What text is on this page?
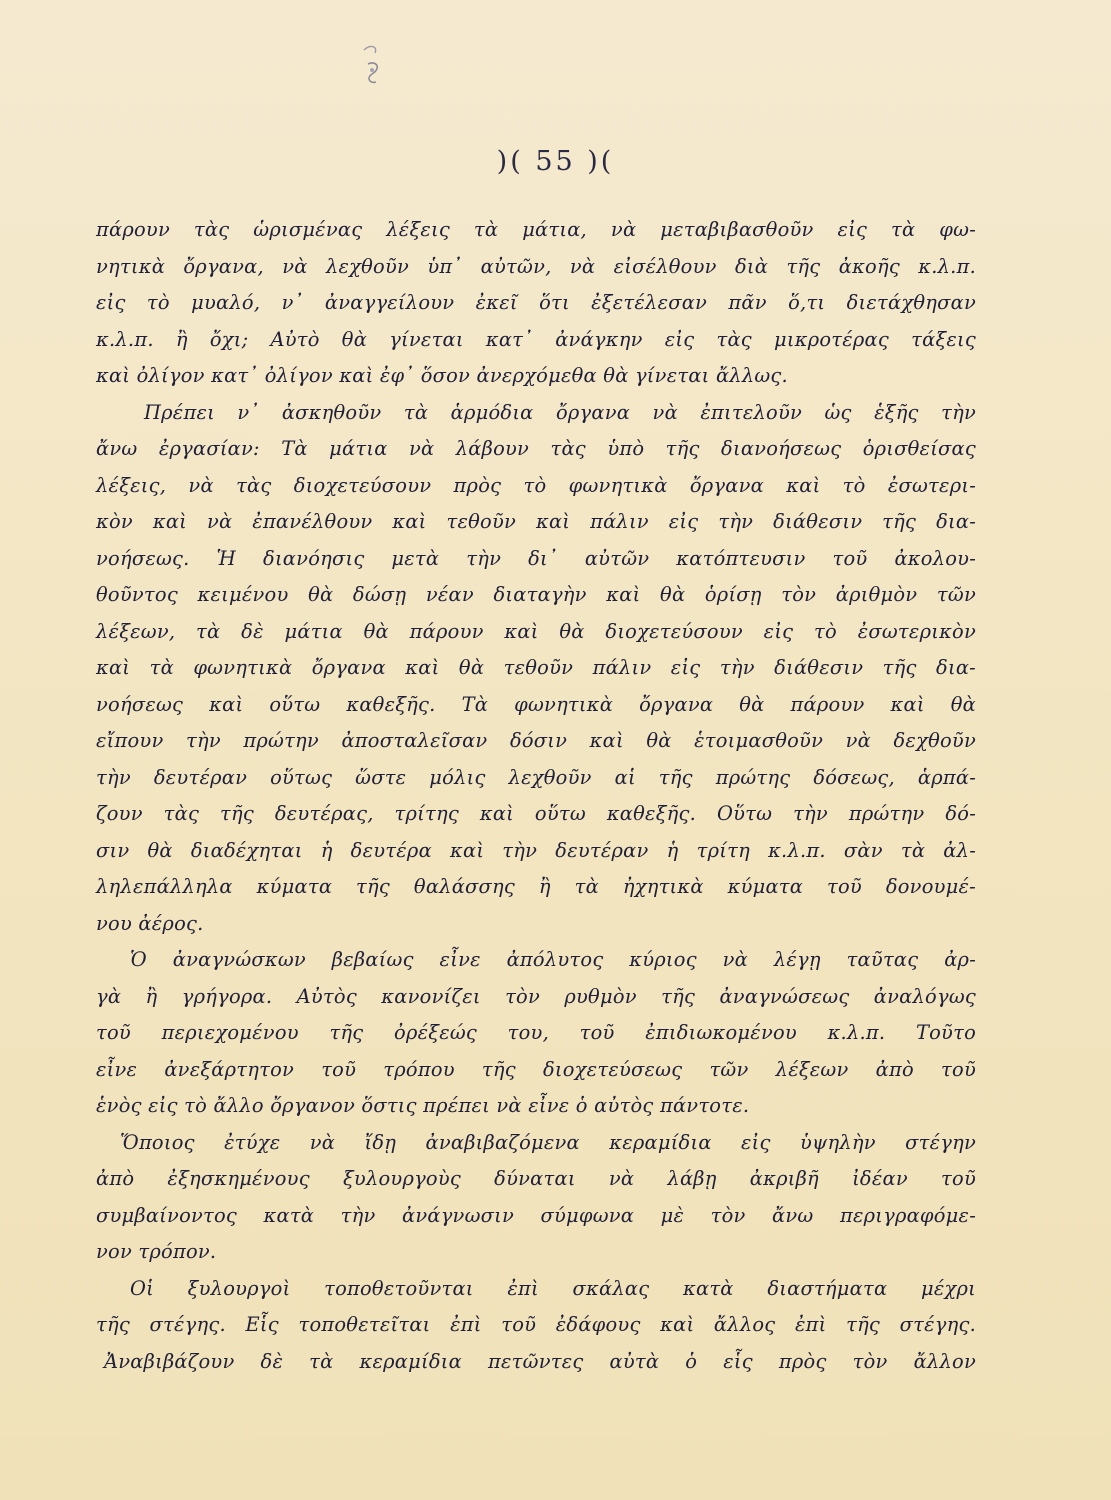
)( 55 )(
πάρουν τὰς ὡρισμένας λέξεις τὰ μάτια, νὰ μεταβιβασθοῦν εἰς τὰ φω-
νητικὰ ὄργανα, νὰ λεχθοῦν ὑπ᾽ αὐτῶν, νὰ εἰσέλθουν διὰ τῆς ἀκοῆς κ.λ.π.
εἰς τὸ μυαλό, ν᾽ ἀναγγείλουν ἐκεῖ ὅτι ἐξετέλεσαν πᾶν ὅ,τι διετάχθησαν
κ.λ.π. ἢ ὄχι; Αὐτὸ θὰ γίνεται κατ᾽ ἀνάγκην εἰς τὰς μικροτέρας τάξεις
καὶ ὀλίγον κατ᾽ ὀλίγον καὶ ἐφ᾽ ὅσον ἀνερχόμεθα θὰ γίνεται ἄλλως.
Πρέπει ν᾽ ἀσκηθοῦν τὰ ἁρμόδια ὄργανα νὰ ἐπιτελοῦν ὡς ἑξῆς τὴν
ἄνω ἐργασίαν: Τὰ μάτια νὰ λάβουν τὰς ὑπὸ τῆς διανοήσεως ὁρισθείσας
λέξεις, νὰ τὰς διοχετεύσουν πρὸς τὸ φωνητικὰ ὄργανα καὶ τὸ ἐσωτερι-
κὸν καὶ νὰ ἐπανέλθουν καὶ τεθοῦν καὶ πάλιν εἰς τὴν διάθεσιν τῆς δια-
νοήσεως. Ἡ διανόησις μετὰ τὴν δι᾽ αὐτῶν κατόπτευσιν τοῦ ἀκολου-
θοῦντος κειμένου θὰ δώσῃ νέαν διαταγὴν καὶ θὰ ὁρίσῃ τὸν ἀριθμὸν τῶν
λέξεων, τὰ δὲ μάτια θὰ πάρουν καὶ θὰ διοχετεύσουν εἰς τὸ ἐσωτερικὸν
καὶ τὰ φωνητικὰ ὄργανα καὶ θὰ τεθοῦν πάλιν εἰς τὴν διάθεσιν τῆς δια-
νοήσεως καὶ οὕτω καθεξῆς. Τὰ φωνητικὰ ὄργανα θὰ πάρουν καὶ θὰ
εἴπουν τὴν πρώτην ἀποσταλεῖσαν δόσιν καὶ θὰ ἑτοιμασθοῦν νὰ δεχθοῦν
τὴν δευτέραν οὕτως ὥστε μόλις λεχθοῦν αἱ τῆς πρώτης δόσεως, ἁρπά-
ζουν τὰς τῆς δευτέρας, τρίτης καὶ οὕτω καθεξῆς. Οὕτω τὴν πρώτην δό-
σιν θὰ διαδέχηται ἡ δευτέρα καὶ τὴν δευτέραν ἡ τρίτη κ.λ.π. σὰν τὰ ἀλ-
ληλεπάλληλα κύματα τῆς θαλάσσης ἢ τὰ ἠχητικὰ κύματα τοῦ δονουμέ-
νου ἀέρος.
Ὁ ἀναγνώσκων βεβαίως εἶνε ἀπόλυτος κύριος νὰ λέγῃ ταῦτας ἀρ-
γὰ ἢ γρήγορα. Αὐτὸς κανονίζει τὸν ρυθμὸν τῆς ἀναγνώσεως ἀναλόγως
τοῦ περιεχομένου τῆς ὀρέξεώς του, τοῦ ἐπιδιωκομένου κ.λ.π. Τοῦτο
εἶνε ἀνεξάρτητον τοῦ τρόπου τῆς διοχετεύσεως τῶν λέξεων ἀπὸ τοῦ
ἑνὸς εἰς τὸ ἄλλο ὄργανον ὅστις πρέπει νὰ εἶνε ὁ αὐτὸς πάντοτε.
Ὅποιος ἐτύχε νὰ ἴδῃ ἀναβιβαζόμενα κεραμίδια εἰς ὑψηλὴν στέγην
ἀπὸ ἐξησκημένους ξυλουργοὺς δύναται νὰ λάβῃ ἀκριβῆ ἰδέαν τοῦ
συμβαίνοντος κατὰ τὴν ἀνάγνωσιν σύμφωνα μὲ τὸν ἄνω περιγραφόμε-
νον τρόπον.
Οἱ ξυλουργοὶ τοποθετοῦνται ἐπὶ σκάλας κατὰ διαστήματα μέχρι
τῆς στέγης. Εἷς τοποθετεῖται ἐπὶ τοῦ ἐδάφους καὶ ἄλλος ἐπὶ τῆς στέγης.
Ἀναβιβάζουν δὲ τὰ κεραμίδια πετῶντες αὐτὰ ὁ εἷς πρὸς τὸν ἄλλον
